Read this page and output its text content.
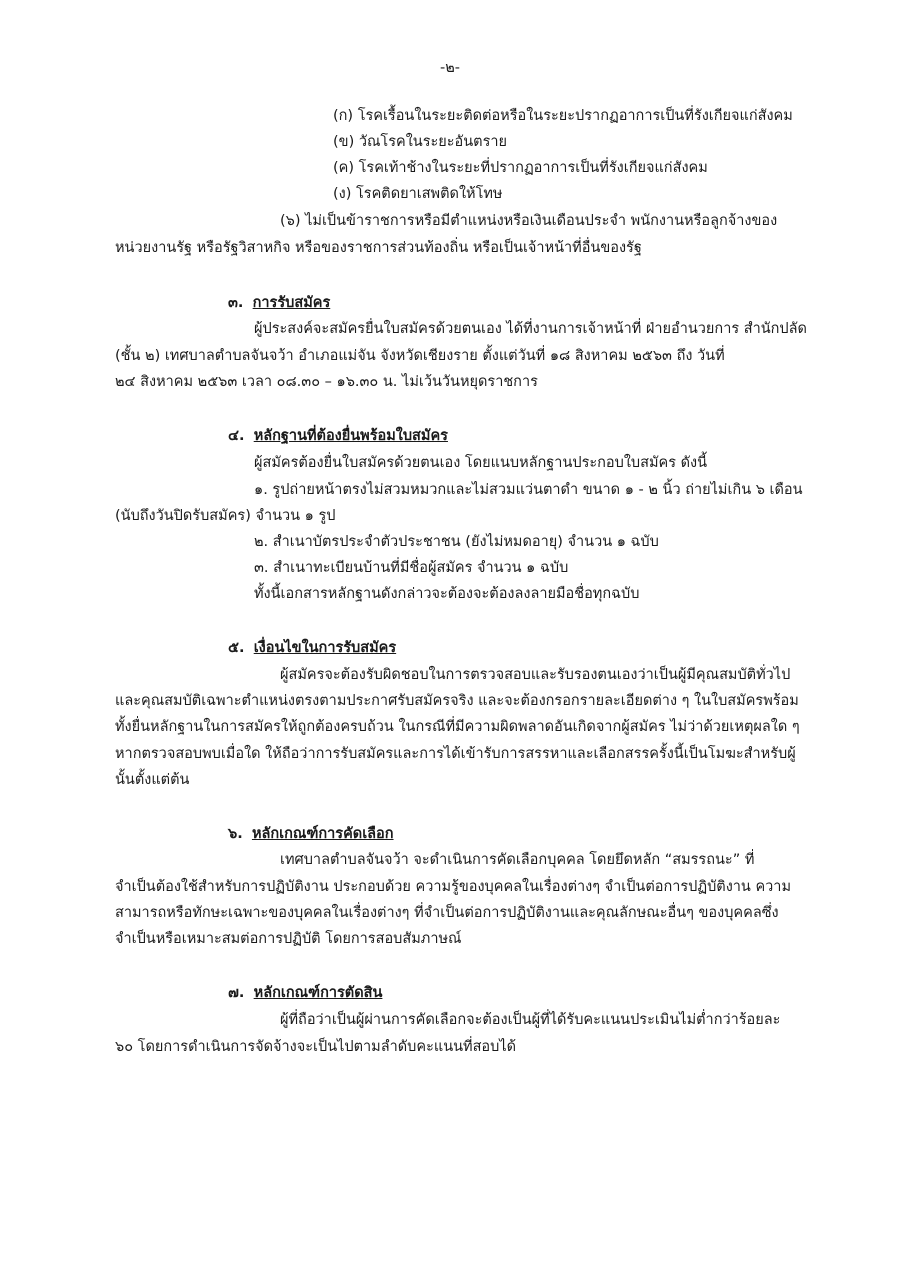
-๒-
(ก) โรคเรื้อนในระยะติดต่อหรือในระยะปรากฏอาการเป็นที่รังเกียจแก่สังคม
(ข) วัณโรคในระยะอันตราย
(ค) โรคเท้าช้างในระยะที่ปรากฏอาการเป็นที่รังเกียจแก่สังคม
(ง) โรคติดยาเสพติดให้โทษ
(๖) ไม่เป็นข้าราชการหรือมีตำแหน่งหรือเงินเดือนประจำ พนักงานหรือลูกจ้างของ
หน่วยงานรัฐ หรือรัฐวิสาหกิจ หรือของราชการส่วนท้องถิ่น หรือเป็นเจ้าหน้าที่อื่นของรัฐ
๓. การรับสมัคร
ผู้ประสงค์จะสมัครยื่นใบสมัครด้วยตนเอง ได้ที่งานการเจ้าหน้าที่ ฝ่ายอำนวยการ สำนักปลัด
(ชั้น ๒) เทศบาลตำบลจันจว้า อำเภอแม่จัน จังหวัดเชียงราย ตั้งแต่วันที่ ๑๘ สิงหาคม ๒๕๖๓ ถึง วันที่
๒๔ สิงหาคม ๒๕๖๓ เวลา ๐๘.๓๐ – ๑๖.๓๐ น. ไม่เว้นวันหยุดราชการ
๔. หลักฐานที่ต้องยื่นพร้อมใบสมัคร
ผู้สมัครต้องยื่นใบสมัครด้วยตนเอง โดยแนบหลักฐานประกอบใบสมัคร ดังนี้
๑. รูปถ่ายหน้าตรงไม่สวมหมวกและไม่สวมแว่นตาดำ ขนาด ๑ - ๒ นิ้ว ถ่ายไม่เกิน ๖ เดือน
(นับถึงวันปิดรับสมัคร) จำนวน ๑ รูป
๒. สำเนาบัตรประจำตัวประชาชน (ยังไม่หมดอายุ) จำนวน ๑ ฉบับ
๓. สำเนาทะเบียนบ้านที่มีชื่อผู้สมัคร จำนวน ๑ ฉบับ
ทั้งนี้เอกสารหลักฐานดังกล่าวจะต้องจะต้องลงลายมือชื่อทุกฉบับ
๕. เงื่อนไขในการรับสมัคร
ผู้สมัครจะต้องรับผิดชอบในการตรวจสอบและรับรองตนเองว่าเป็นผู้มีคุณสมบัติทั่วไป
และคุณสมบัติเฉพาะตำแหน่งตรงตามประกาศรับสมัครจริง และจะต้องกรอกรายละเอียดต่าง ๆ ในใบสมัครพร้อม
ทั้งยื่นหลักฐานในการสมัครให้ถูกต้องครบถ้วน ในกรณีที่มีความผิดพลาดอันเกิดจากผู้สมัคร ไม่ว่าด้วยเหตุผลใด ๆ
หากตรวจสอบพบเมื่อใด ให้ถือว่าการรับสมัครและการได้เข้ารับการสรรหาและเลือกสรรครั้งนี้เป็นโมฆะสำหรับผู้
นั้นตั้งแต่ต้น
๖. หลักเกณฑ์การคัดเลือก
เทศบาลตำบลจันจว้า จะดำเนินการคัดเลือกบุคคล โดยยึดหลัก “สมรรถนะ” ที่
จำเป็นต้องใช้สำหรับการปฏิบัติงาน ประกอบด้วย ความรู้ของบุคคลในเรื่องต่างๆ จำเป็นต่อการปฏิบัติงาน ความ
สามารถหรือทักษะเฉพาะของบุคคลในเรื่องต่างๆ ที่จำเป็นต่อการปฏิบัติงานและคุณลักษณะอื่นๆ ของบุคคลซึ่ง
จำเป็นหรือเหมาะสมต่อการปฏิบัติ โดยการสอบสัมภาษณ์
๗. หลักเกณฑ์การตัดสิน
ผู้ที่ถือว่าเป็นผู้ผ่านการคัดเลือกจะต้องเป็นผู้ที่ได้รับคะแนนประเมินไม่ต่ำกว่าร้อยละ
๖๐ โดยการดำเนินการจัดจ้างจะเป็นไปตามลำดับคะแนนที่สอบได้
